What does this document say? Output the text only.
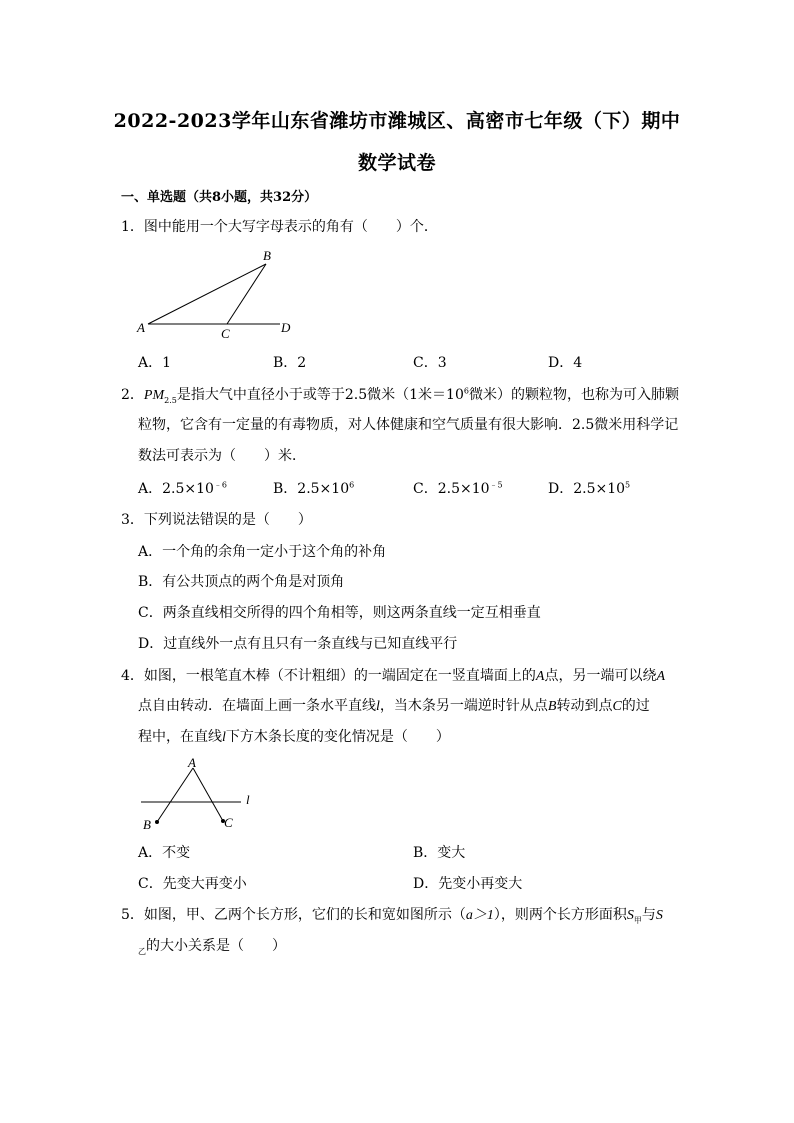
2022-2023学年山东省潍坊市潍城区、高密市七年级（下）期中
数学试卷
一、单选题（共8小题，共32分）
1．图中能用一个大写字母表示的角有（　　）个．
B
A	C	D
A．1	B．2	C．3	D．4
2．$PM_{2.5}$是指大气中直径小于或等于2.5微米（1米$=10^6$微米）的颗粒物，也称为可入肺颗
粒物，它含有一定量的有毒物质，对人体健康和空气质量有很大影响．2.5微米用科学记
数法可表示为（　　）米．
A．$2.5\times 10^{﹣6}$	B．$2.5\times 10^6$	C．$2.5\times 10^{﹣5}$	D．$2.5\times 10^5$
3．下列说法错误的是（　　）
A．一个角的余角一定小于这个角的补角
B．有公共顶点的两个角是对顶角
C．两条直线相交所得的四个角相等，则这两条直线一定互相垂直
D．过直线外一点有且只有一条直线与已知直线平行
4．如图，一根笔直木棒（不计粗细）的一端固定在一竖直墙面上的A点，另一端可以绕A
点自由转动．在墙面上画一条水平直线l，当木条另一端逆时针从点B转动到点C的过
程中，在直线l下方木条长度的变化情况是（　　）
A
l
B	C
A．不变	B．变大
C．先变大再变小	D．先变小再变大
5．如图，甲、乙两个长方形，它们的长和宽如图所示（a＞1），则两个长方形面积$S_甲$与S
$_乙$的大小关系是（　　）
